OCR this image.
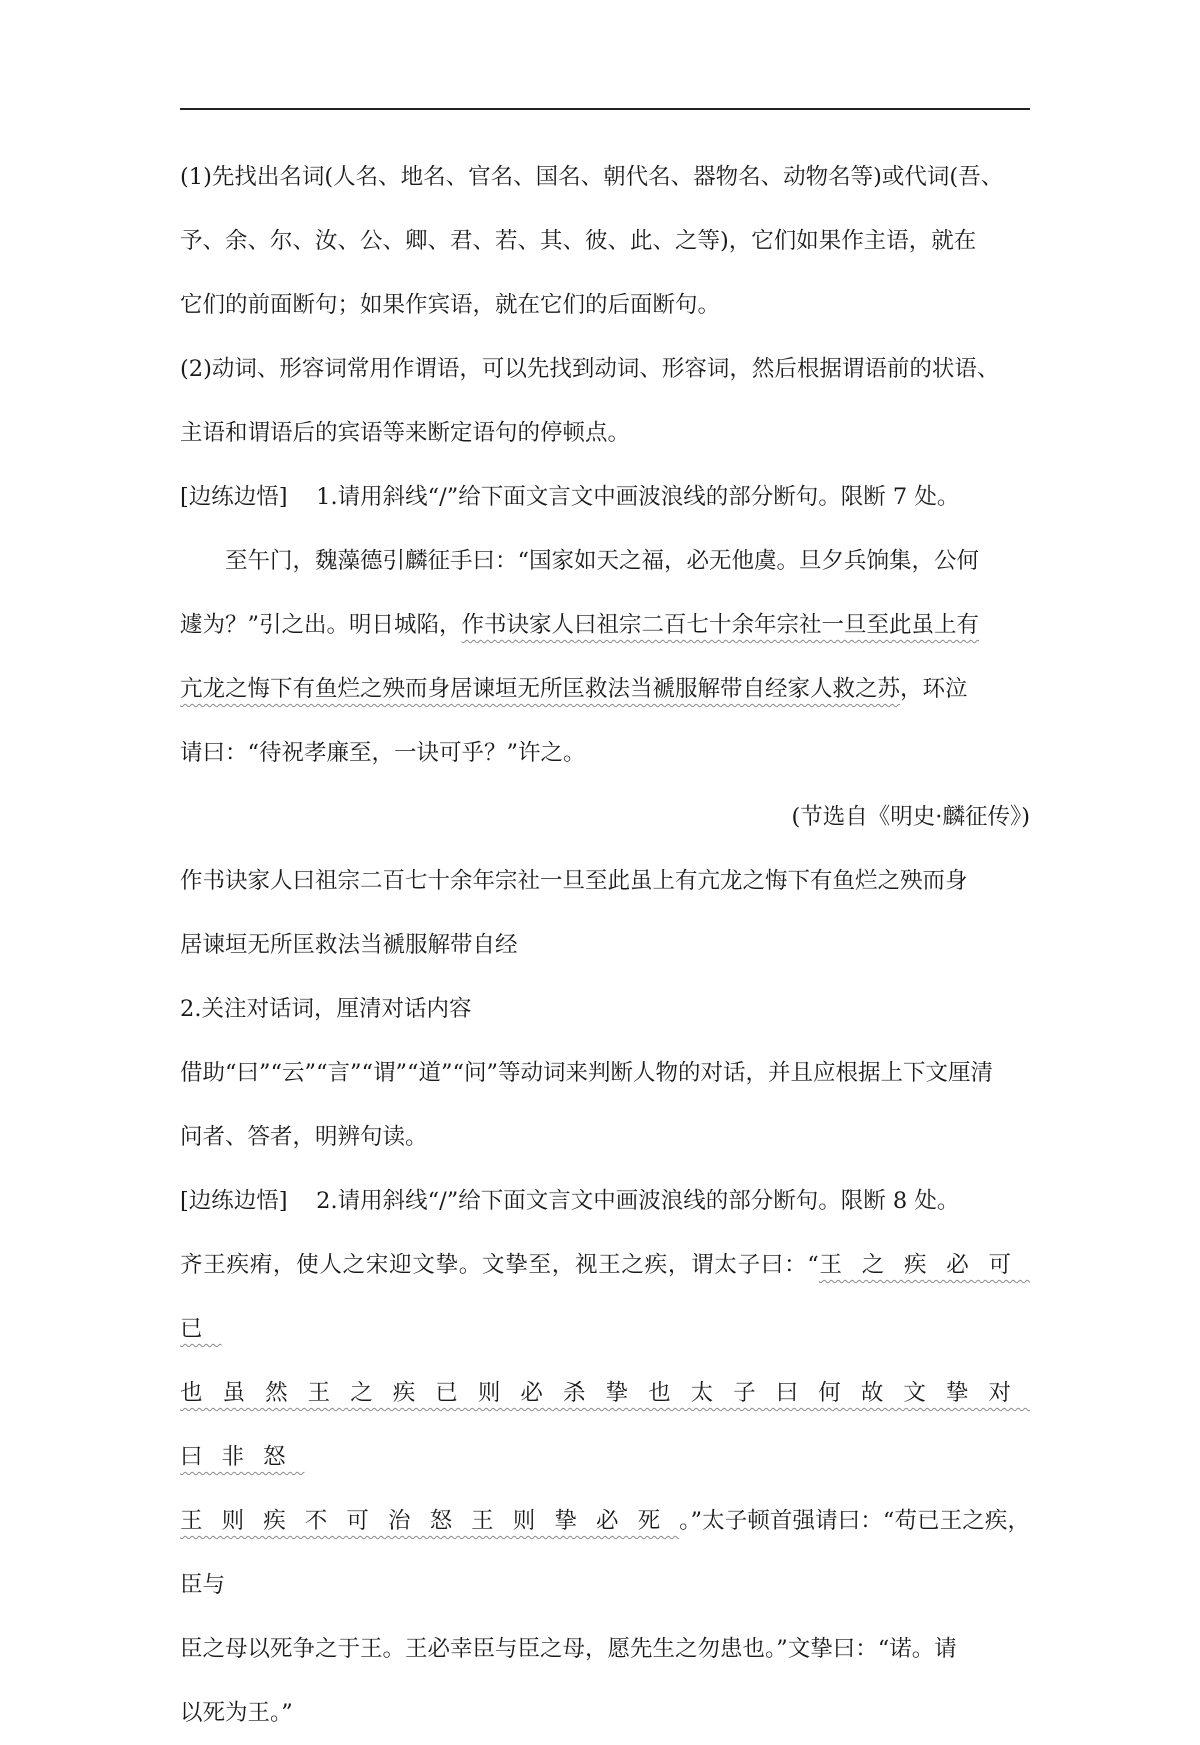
(1)先找出名词(人名、地名、官名、国名、朝代名、器物名、动物名等)或代词(吾、
予、余、尔、汝、公、卿、君、若、其、彼、此、之等)，它们如果作主语，就在
它们的前面断句；如果作宾语，就在它们的后面断句。

(2)动词、形容词常用作谓语，可以先找到动词、形容词，然后根据谓语前的状语、
主语和谓语后的宾语等来断定语句的停顿点。

[边练边悟]    1.请用斜线“/”给下面文言文中画波浪线的部分断句。限断 7 处。

至午门，魏藻德引麟征手曰：“国家如天之福，必无他虞。旦夕兵饷集，公何
遽为？”引之出。明日城陷，作书诀家人曰祖宗二百七十余年宗社一旦至此虽上有
亢龙之悔下有鱼烂之殃而身居谏垣无所匡救法当褫服解带自经家人救之苏，环泣
请曰：“待祝孝廉至，一诀可乎？”许之。

(节选自《明史·麟征传》)

作书诀家人曰祖宗二百七十余年宗社一旦至此虽上有亢龙之悔下有鱼烂之殃而身
居谏垣无所匡救法当褫服解带自经

2.关注对话词，厘清对话内容

借助“曰”“云”“言”“谓”“道”“问”等动词来判断人物的对话，并且应根据上下文厘清
问者、答者，明辨句读。

[边练边悟]    2.请用斜线“/”给下面文言文中画波浪线的部分断句。限断 8 处。

齐王疾痏，使人之宋迎文挚。文挚至，视王之疾，谓太子曰：“王之疾必可已
也虽然王之疾已则必杀挚也太子曰何故文挚对曰非怒
王则疾不可治怒王则挚必死。”太子顿首强请曰：“苟已王之疾，臣与
臣之母以死争之于王。王必幸臣与臣之母，愿先生之勿患也。”文挚曰：“诺。请
以死为王。”
